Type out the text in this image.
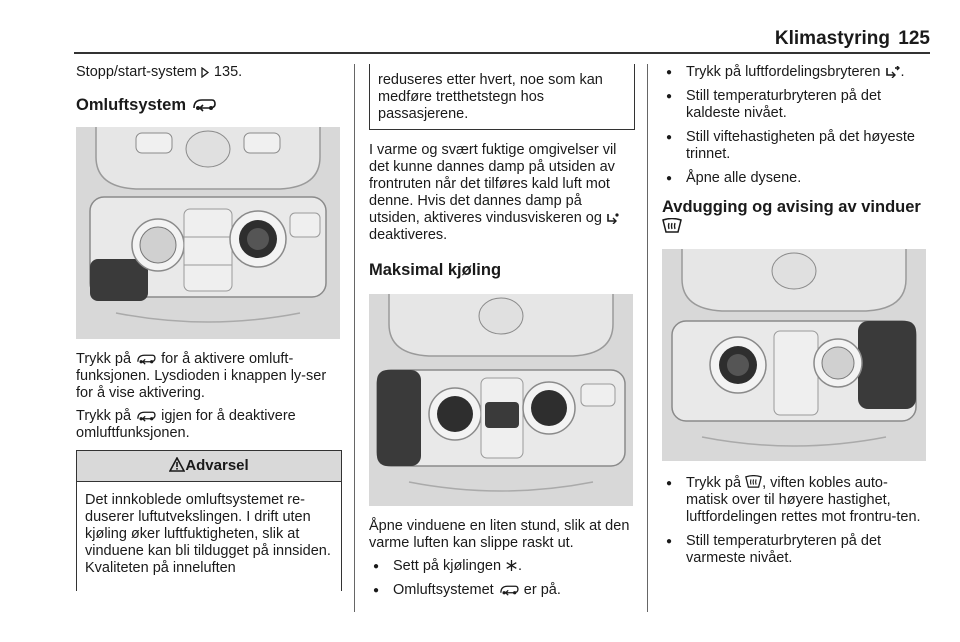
Klimastyring 125

Stopp/start-system  135.

Omluftsystem

Trykk på  for å aktivere omluft-funksjonen. Lysdioden i knappen ly-ser for å vise aktivering.

Trykk på  igjen for å deaktivere omluftfunksjonen.

Advarsel
Det innkoblede omluftsystemet re-duserer luftutvekslingen. I drift uten kjøling øker luftfuktigheten, slik at vinduene kan bli tildugget på innsiden. Kvaliteten på inneluften
reduseres etter hvert, noe som kan medføre tretthetstegn hos passasjerene.

I varme og svært fuktige omgivelser vil det kunne dannes damp på utsiden av frontruten når det tilføres kald luft mot denne. Hvis det dannes damp på utsiden, aktiveres vindusviskeren og  deaktiveres.

Maksimal kjøling

Åpne vinduene en liten stund, slik at den varme luften kan slippe raskt ut.

● Sett på kjølingen .
● Omluftsystemet  er på.
● Trykk på luftfordelingsbryteren .
● Still temperaturbryteren på det kaldeste nivået.
● Still viftehastigheten på det høyeste trinnet.
● Åpne alle dysene.
Avdugging og avising av vinduer
● Trykk på , viften kobles auto-matisk over til høyere hastighet, luftfordelingen rettes mot frontru-ten.
● Still temperaturbryteren på det varmeste nivået.
